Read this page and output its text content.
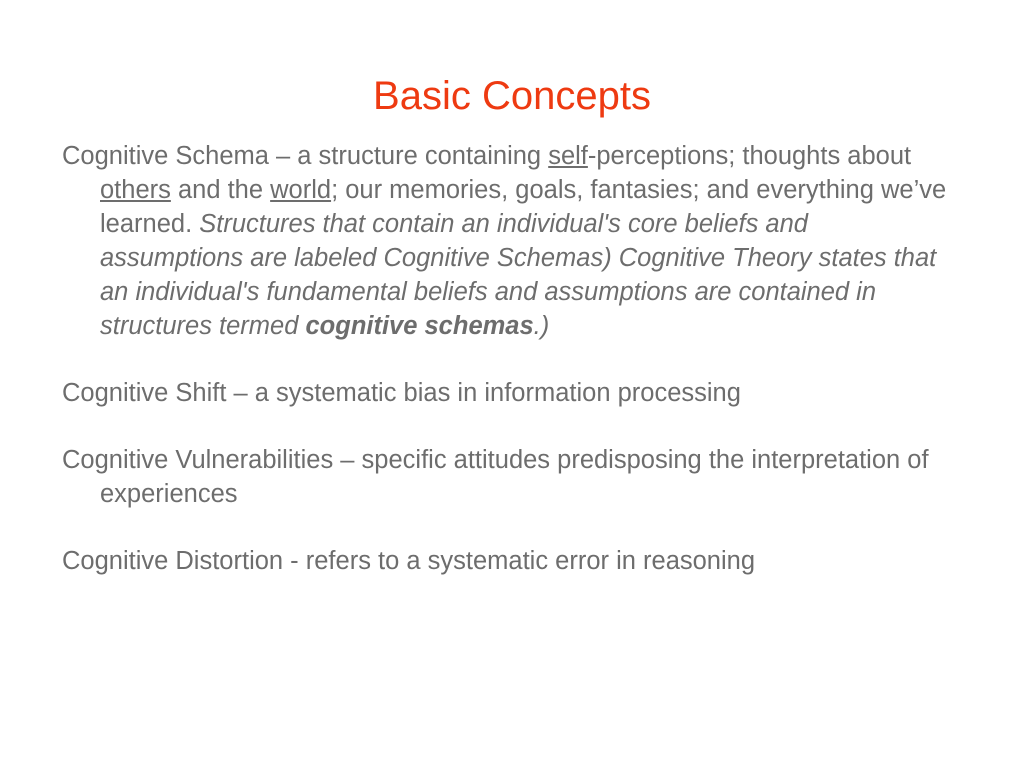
Basic Concepts

Cognitive Schema – a structure containing self-perceptions; thoughts about others and the world; our memories, goals, fantasies; and everything we’ve learned. Structures that contain an individual's core beliefs and assumptions are labeled Cognitive Schemas) Cognitive Theory states that an individual's fundamental beliefs and assumptions are contained in structures termed cognitive schemas.)

Cognitive Shift – a systematic bias in information processing

Cognitive Vulnerabilities – specific attitudes predisposing the interpretation of experiences

Cognitive Distortion - refers to a systematic error in reasoning
